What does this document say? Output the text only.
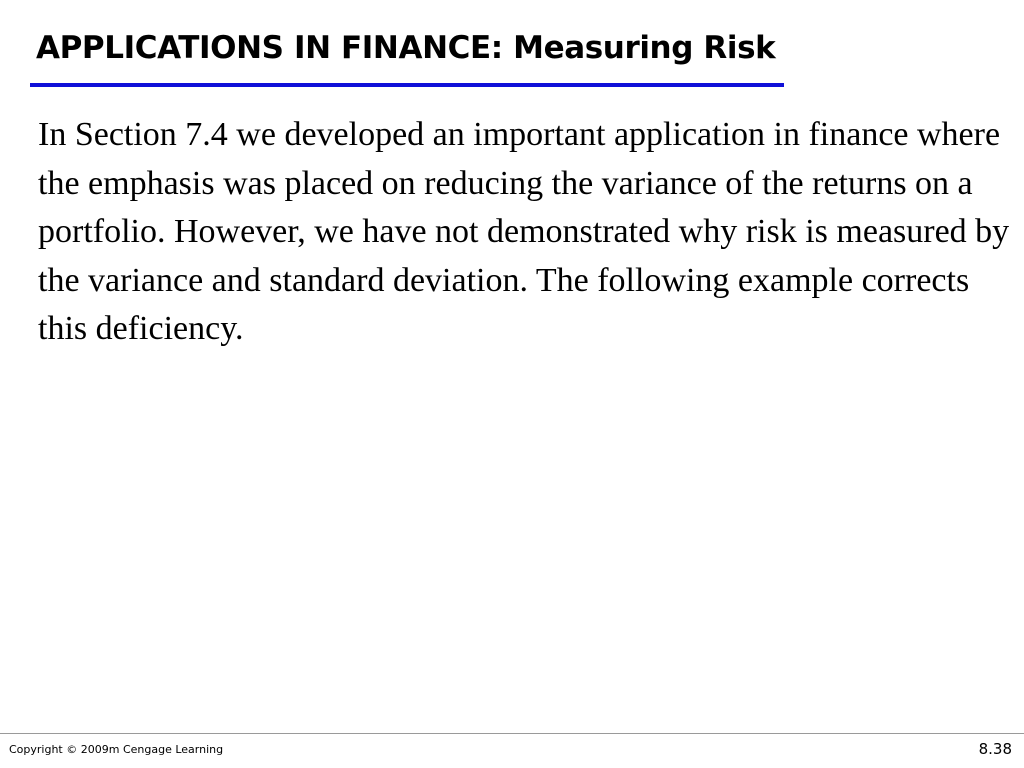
APPLICATIONS IN FINANCE: Measuring Risk

In Section 7.4 we developed an important application in finance where the emphasis was placed on reducing the variance of the returns on a portfolio. However, we have not demonstrated why risk is measured by the variance and standard deviation. The following example corrects this deficiency.

Copyright © 2009m Cengage Learning	8.38
